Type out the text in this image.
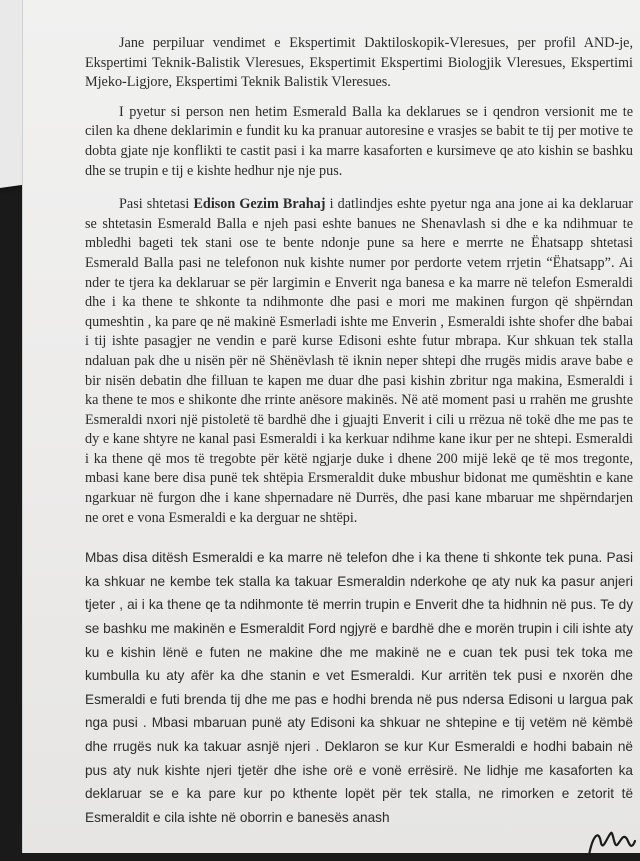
Jane perpiluar vendimet e Ekspertimit Daktiloskopik-Vleresues, per profil AND-je, Ekspertimi Teknik-Balistik Vleresues, Ekspertimit Ekspertimi Biologjik Vleresues, Ekspertimi Mjeko-Ligjore, Ekspertimi Teknik Balistik Vleresues.

I pyetur si person nen hetim Esmerald Balla ka deklarues se i qendron versionit me te cilen ka dhene deklarimin e fundit ku ka pranuar autoresine e vrasjes se babit te tij per motive te dobta gjate nje konflikti te castit pasi i ka marre kasaforten e kursimeve qe ato kishin se bashku dhe se trupin e tij e kishte hedhur nje nje pus.

Pasi shtetasi Edison Gezim Brahaj i datlindjes eshte pyetur nga ana jone ai ka deklaruar se shtetasin Esmerald Balla e njeh pasi eshte banues ne Shenavlash si dhe e ka ndihmuar te mbledhi bageti tek stani ose te bente ndonje pune sa here e merrte ne Ëhatsapp shtetasi Esmerald Balla pasi ne telefonon nuk kishte numer por perdorte vetem rrjetin “Ëhatsapp”. Ai nder te tjera ka deklaruar se për largimin e Enverit nga banesa e ka marre në telefon Esmeraldi dhe i ka thene te shkonte ta ndihmonte dhe pasi e mori me makinen furgon që shpërndan qumeshtin , ka pare qe në makinë Esmerladi ishte me Enverin , Esmeraldi ishte shofer dhe babai i tij ishte pasagjer ne vendin e parë kurse Edisoni eshte futur mbrapa. Kur shkuan tek stalla ndaluan pak dhe u nisën për në Shënëvlash të iknin neper shtepi dhe rrugës midis arave babe e bir nisën debatin dhe filluan te kapen me duar dhe pasi kishin zbritur nga makina, Esmeraldi i ka thene te mos e shikonte dhe rrinte anësore makinës. Në atë moment pasi u rrahën me grushte Esmeraldi nxori një pistoletë të bardhë dhe i gjuajti Enverit i cili u rrëzua në tokë dhe me pas te dy e kane shtyre ne kanal pasi Esmeraldi i ka kerkuar ndihme kane ikur per ne shtepi. Esmeraldi i ka thene që mos të tregobte për këtë ngjarje duke i dhene 200 mijë lekë qe të mos tregonte, mbasi kane bere disa punë tek shtëpia Ersmeraldit duke mbushur bidonat me qumështin e kane ngarkuar në furgon dhe i kane shpernadare në Durrës, dhe pasi kane mbaruar me shpërndarjen ne oret e vona Esmeraldi e ka derguar ne shtëpi.

Mbas disa ditësh Esmeraldi e ka marre në telefon dhe i ka thene ti shkonte tek puna. Pasi ka shkuar ne kembe tek stalla ka takuar Esmeraldin nderkohe qe aty nuk ka pasur anjeri tjeter , ai i ka thene qe ta ndihmonte të merrin trupin e Enverit dhe ta hidhnin në pus. Te dy se bashku me makinën e Esmeraldit Ford ngjyrë e bardhë dhe e morën trupin i cili ishte aty ku e kishin lënë e futen ne makine dhe me makinë ne e cuan tek pusi tek toka me kumbulla ku aty afër ka dhe stanin e vet Esmeraldi. Kur arritën tek pusi e nxorën dhe Esmeraldi e futi brenda tij dhe me pas e hodhi brenda në pus ndersa Edisoni u largua pak nga pusi . Mbasi mbaruan punë aty Edisoni ka shkuar ne shtepine e tij vetëm në këmbë dhe rrugës nuk ka takuar asnjë njeri . Deklaron se kur Kur Esmeraldi e hodhi babain në pus aty nuk kishte njeri tjetër dhe ishe orë e vonë errësirë. Ne lidhje me kasaforten ka deklaruar se e ka pare kur po kthente lopët për tek stalla, ne rimorken e zetorit të Esmeraldit e cila ishte në oborrin e banesës anash
